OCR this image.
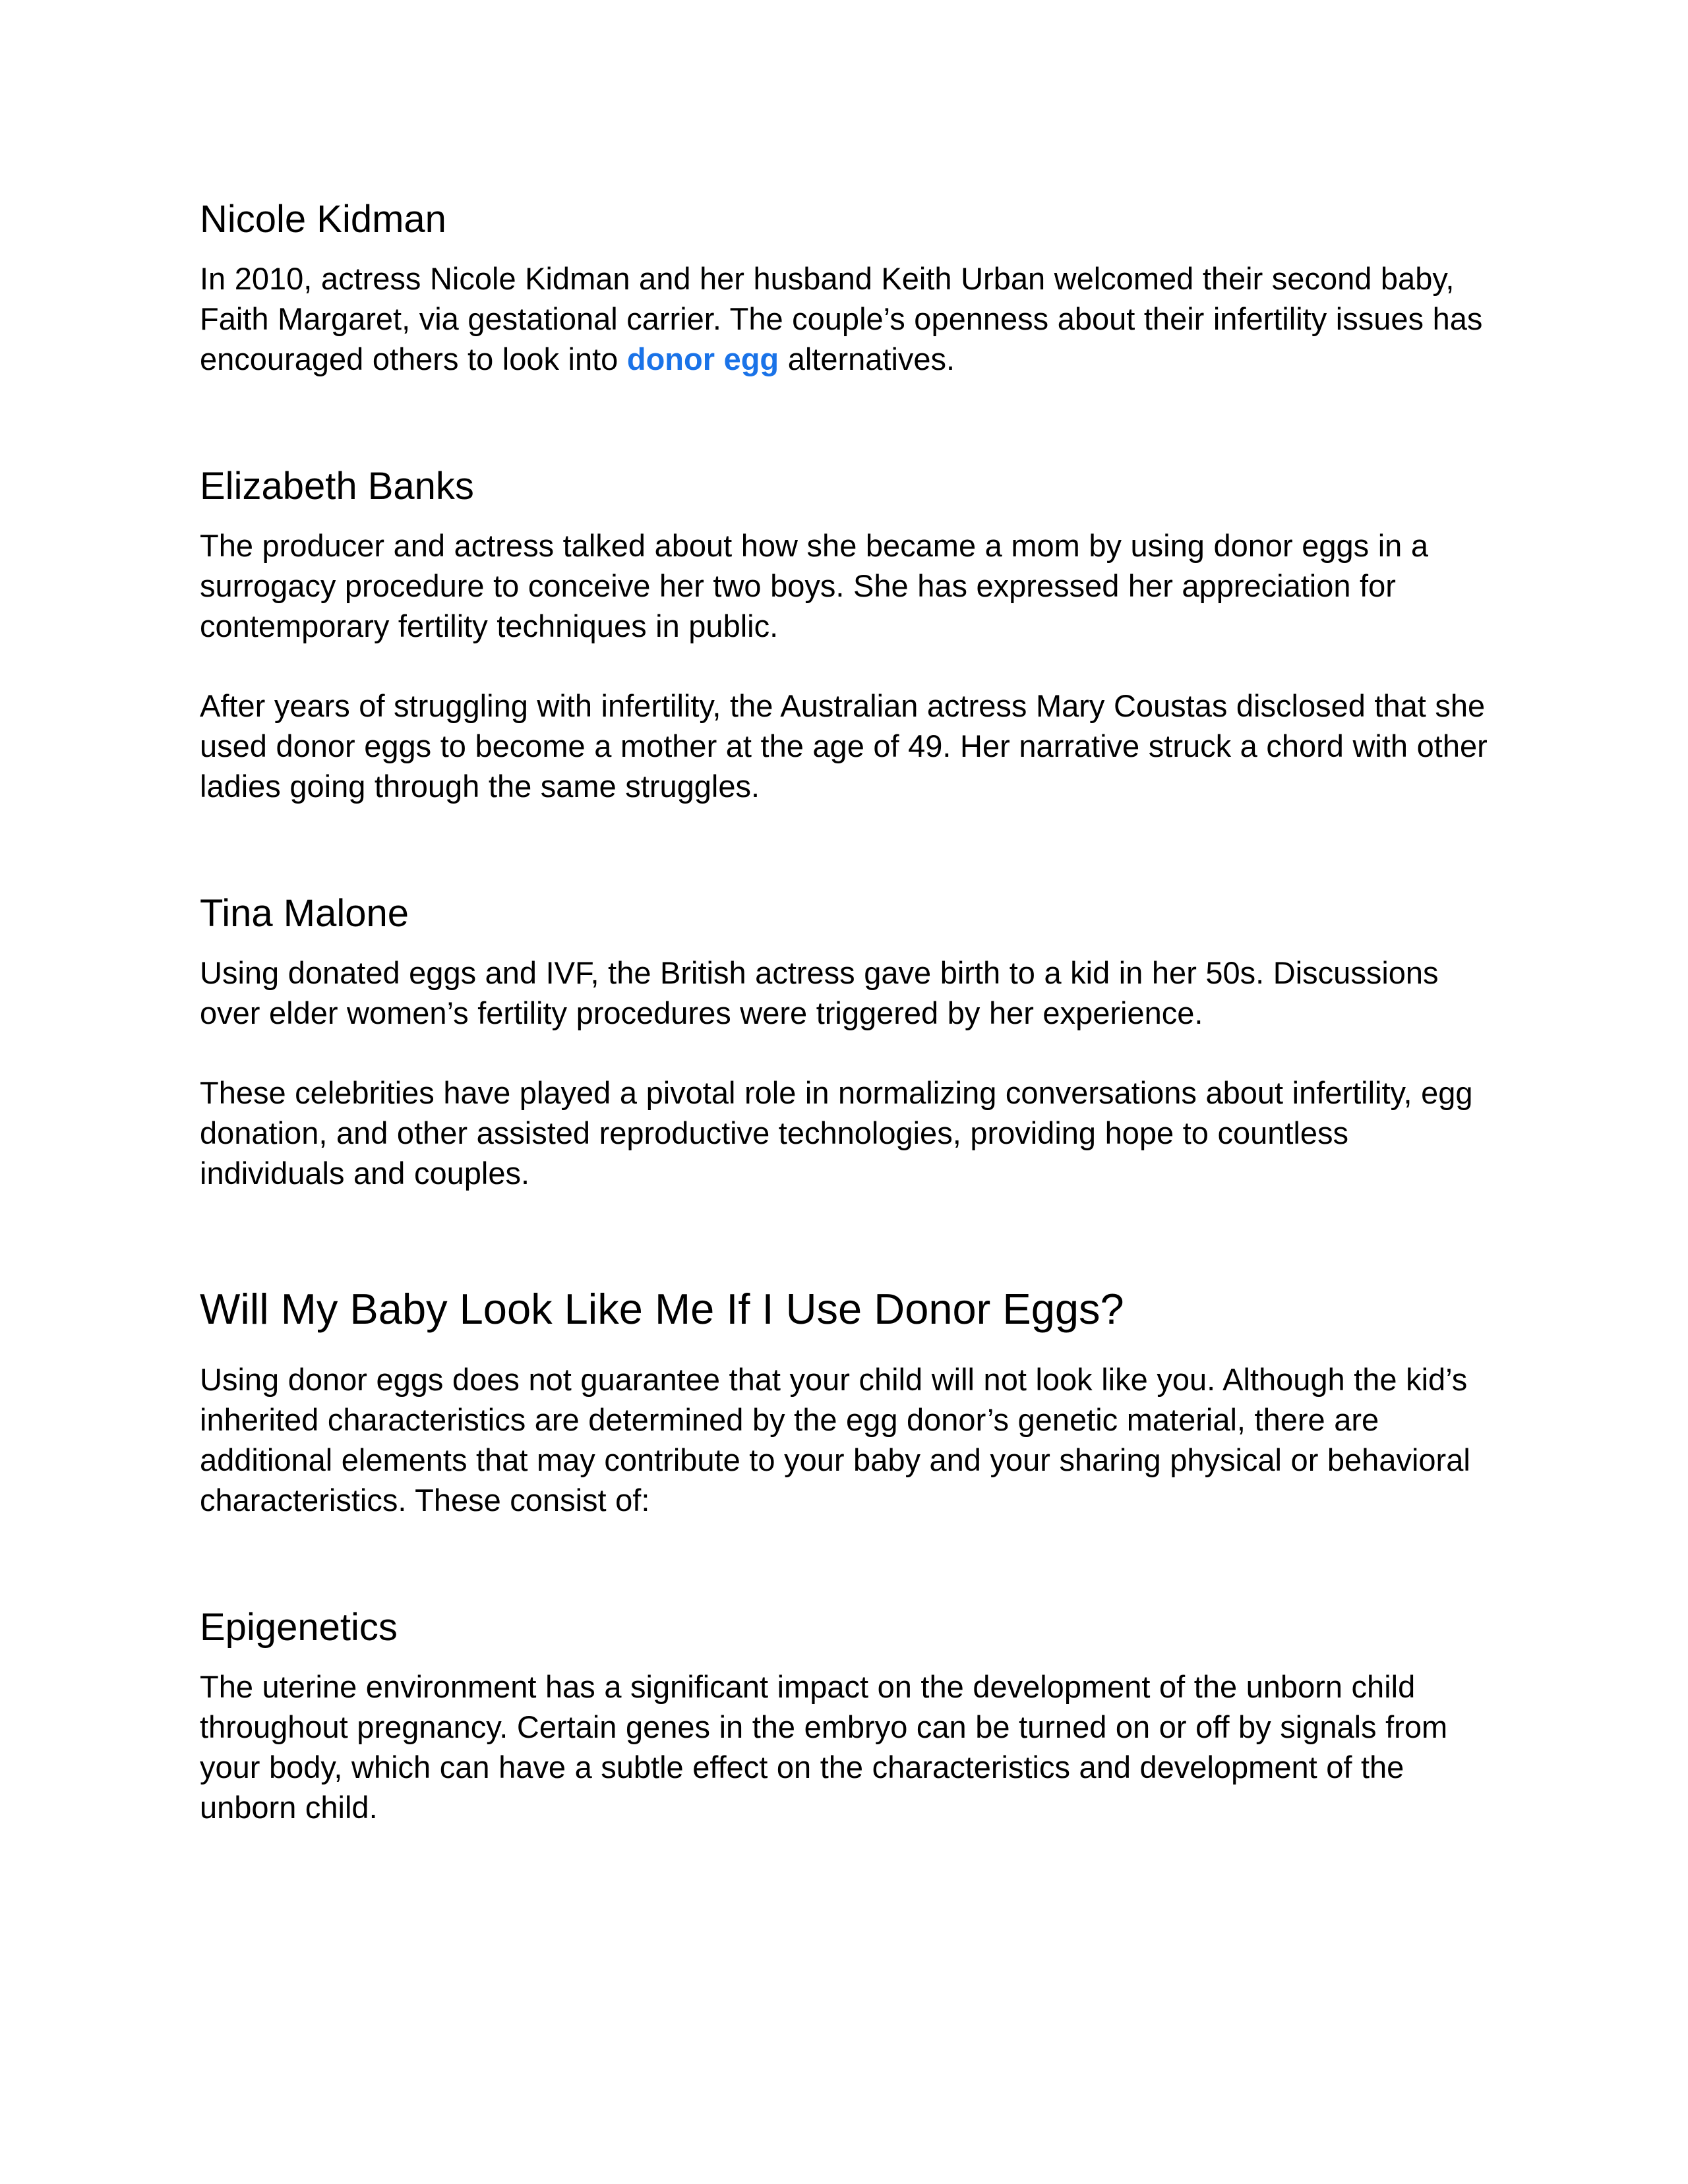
Nicole Kidman

In 2010, actress Nicole Kidman and her husband Keith Urban welcomed their second baby, Faith Margaret, via gestational carrier. The couple’s openness about their infertility issues has encouraged others to look into donor egg alternatives.

Elizabeth Banks

The producer and actress talked about how she became a mom by using donor eggs in a surrogacy procedure to conceive her two boys. She has expressed her appreciation for contemporary fertility techniques in public.

After years of struggling with infertility, the Australian actress Mary Coustas disclosed that she used donor eggs to become a mother at the age of 49. Her narrative struck a chord with other ladies going through the same struggles.

Tina Malone

Using donated eggs and IVF, the British actress gave birth to a kid in her 50s. Discussions over elder women’s fertility procedures were triggered by her experience.

These celebrities have played a pivotal role in normalizing conversations about infertility, egg donation, and other assisted reproductive technologies, providing hope to countless individuals and couples.

Will My Baby Look Like Me If I Use Donor Eggs?

Using donor eggs does not guarantee that your child will not look like you. Although the kid’s inherited characteristics are determined by the egg donor’s genetic material, there are additional elements that may contribute to your baby and your sharing physical or behavioral characteristics. These consist of:

Epigenetics

The uterine environment has a significant impact on the development of the unborn child throughout pregnancy. Certain genes in the embryo can be turned on or off by signals from your body, which can have a subtle effect on the characteristics and development of the unborn child.
